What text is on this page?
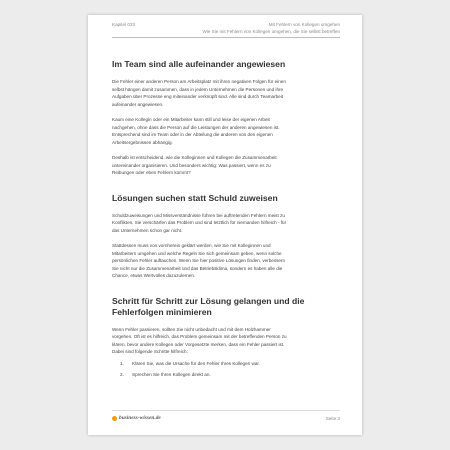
Kapitel 033	Mit Fehlern von Kollegen umgehen
Wie Sie mit Fehlern von Kollegen umgehen, die Sie selbst betreffen
Im Team sind alle aufeinander angewiesen
Die Fehler einer anderen Person am Arbeitsplatz mit ihren negativen Folgen für einen
selbst hängen damit zusammen, dass in jedem Unternehmen die Personen und ihre
Aufgaben über Prozesse eng miteinander verknüpft sind. Alle sind durch Teamarbeit
aufeinander angewiesen.
Kaum eine Kollegin oder ein Mitarbeiter kann still und leise der eigenen Arbeit
nachgehen, ohne dass die Person auf die Leistungen der anderen angewiesen ist.
Entsprechend sind im Team oder in der Abteilung die anderen von den eigenen
Arbeitsergebnissen abhängig.
Deshalb ist entscheidend, wie die Kolleginnen und Kollegen die Zusammenarbeit
untereinander organisieren. Und besonders wichtig: Was passiert, wenn es zu
Reibungen oder eben Fehlern kommt?
Lösungen suchen statt Schuld zuweisen
Schuldzuweisungen und Missverständnisse führen bei auftretenden Fehlern meist zu
Konflikten. Sie verschärfen das Problem und sind letztlich für niemanden hilfreich - für
das Unternehmen schon gar nicht.
Stattdessen muss von vornherein geklärt werden, wie Sie mit Kolleginnen und
Mitarbeitern umgehen und welche Regeln Sie sich gemeinsam geben, wenn solche
persönlichen Fehler auftauchen. Wenn Sie hier positive Lösungen finden, verbessern
Sie nicht nur die Zusammenarbeit und das Betriebsklima, sondern es haben alle die
Chance, etwas Wertvolles dazuzulernen.
Schritt für Schritt zur Lösung gelangen und die
Fehlerfolgen minimieren
Wenn Fehler passieren, sollten Sie nicht unbedacht und mit dem Holzhammer
vorgehen. Oft ist es hilfreich, das Problem gemeinsam mit der betreffenden Person zu
klären, bevor andere Kollegen oder Vorgesetzte merken, dass ein Fehler passiert ist.
Dabei sind folgende Schritte hilfreich:
1.	Klären Sie, was die Ursache für den Fehler Ihres Kollegen war.
2.	Sprechen Sie Ihren Kollegen direkt an.
business-wissen.de	Seite 3
